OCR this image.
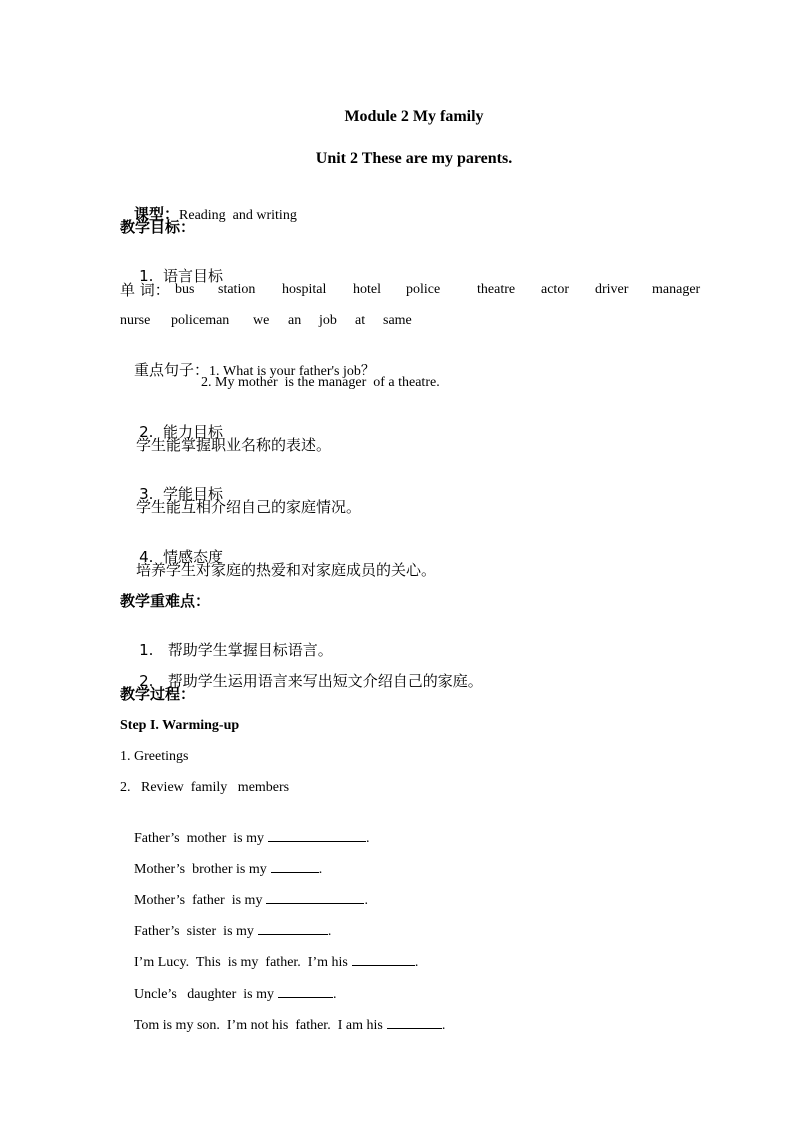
Module 2 My family
Unit 2 These are my parents.

课型：Reading  and writing

教学目标：

1. 语言目标

单 词： bus station hospital hotel police	theatre actor driver manager
nurse policeman we an job at same

重点句子：1. What is your father's job？

2. My mother  is the manager  of a theatre.

2. 能力目标

学生能掌握职业名称的表述。

3. 学能目标

学生能互相介绍自己的家庭情况。

4. 情感态度

培养学生对家庭的热爱和对家庭成员的关心。
教学重难点：

1. 帮助学生掌握目标语言。

2. 帮助学生运用语言来写出短文介绍自己的家庭。

教学过程：
Step I. Warming-up
1. Greetings
2.   Review  family   members

Father’s  mother  is my	.

Mother’s  brother is my	.

Mother’s  father  is my	.

Father’s  sister  is my	.

I’m Lucy.  This  is my  father.  I’m his	.

Uncle’s   daughter  is my	.

Tom is my son.  I’m not his  father.  I am his	.
